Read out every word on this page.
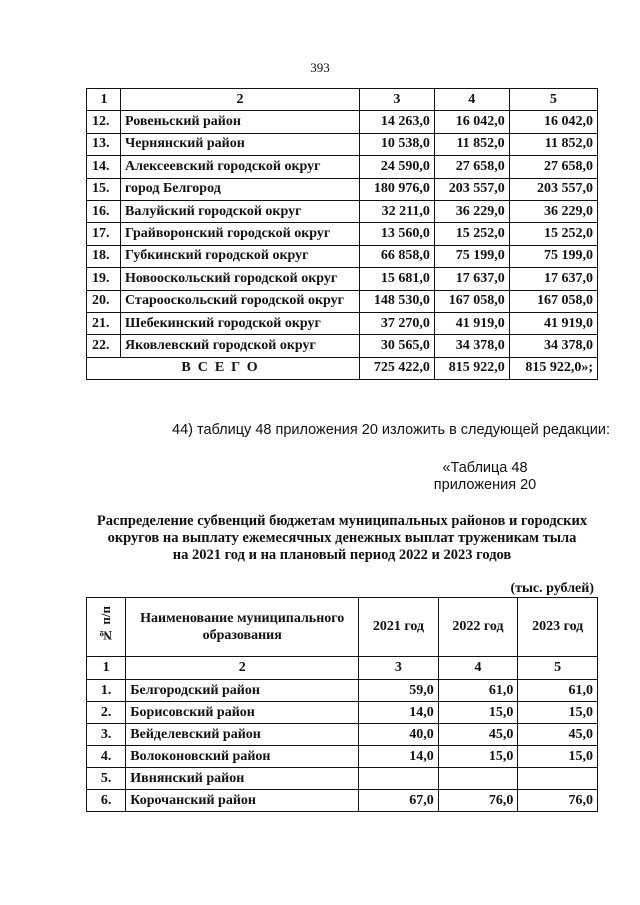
393
1	2	3	4	5
12.	Ровеньский район	14 263,0	16 042,0	16 042,0
13.	Чернянский район	10 538,0	11 852,0	11 852,0
14.	Алексеевский городской округ	24 590,0	27 658,0	27 658,0
15.	город Белгород	180 976,0	203 557,0	203 557,0
16.	Валуйский городской округ	32 211,0	36 229,0	36 229,0
17.	Грайворонский городской округ	13 560,0	15 252,0	15 252,0
18.	Губкинский городской округ	66 858,0	75 199,0	75 199,0
19.	Новооскольский городской округ	15 681,0	17 637,0	17 637,0
20.	Старооскольский городской округ	148 530,0	167 058,0	167 058,0
21.	Шебекинский городской округ	37 270,0	41 919,0	41 919,0
22.	Яковлевский городской округ	30 565,0	34 378,0	34 378,0
ВСЕГО		725 422,0	815 922,0	815 922,0»;
44) таблицу 48 приложения 20 изложить в следующей редакции:
«Таблица 48
приложения 20
Распределение субвенций бюджетам муниципальных районов и городских
округов на выплату ежемесячных денежных выплат труженикам тыла
на 2021 год и на плановый период 2022 и 2023 годов
(тыс. рублей)
№ п/п	Наименование муниципального образования	2021 год	2022 год	2023 год
1	2	3	4	5
1.	Белгородский район	59,0	61,0	61,0
2.	Борисовский район	14,0	15,0	15,0
3.	Вейделевский район	40,0	45,0	45,0
4.	Волоконовский район	14,0	15,0	15,0
5.	Ивнянский район			
6.	Корочанский район	67,0	76,0	76,0
